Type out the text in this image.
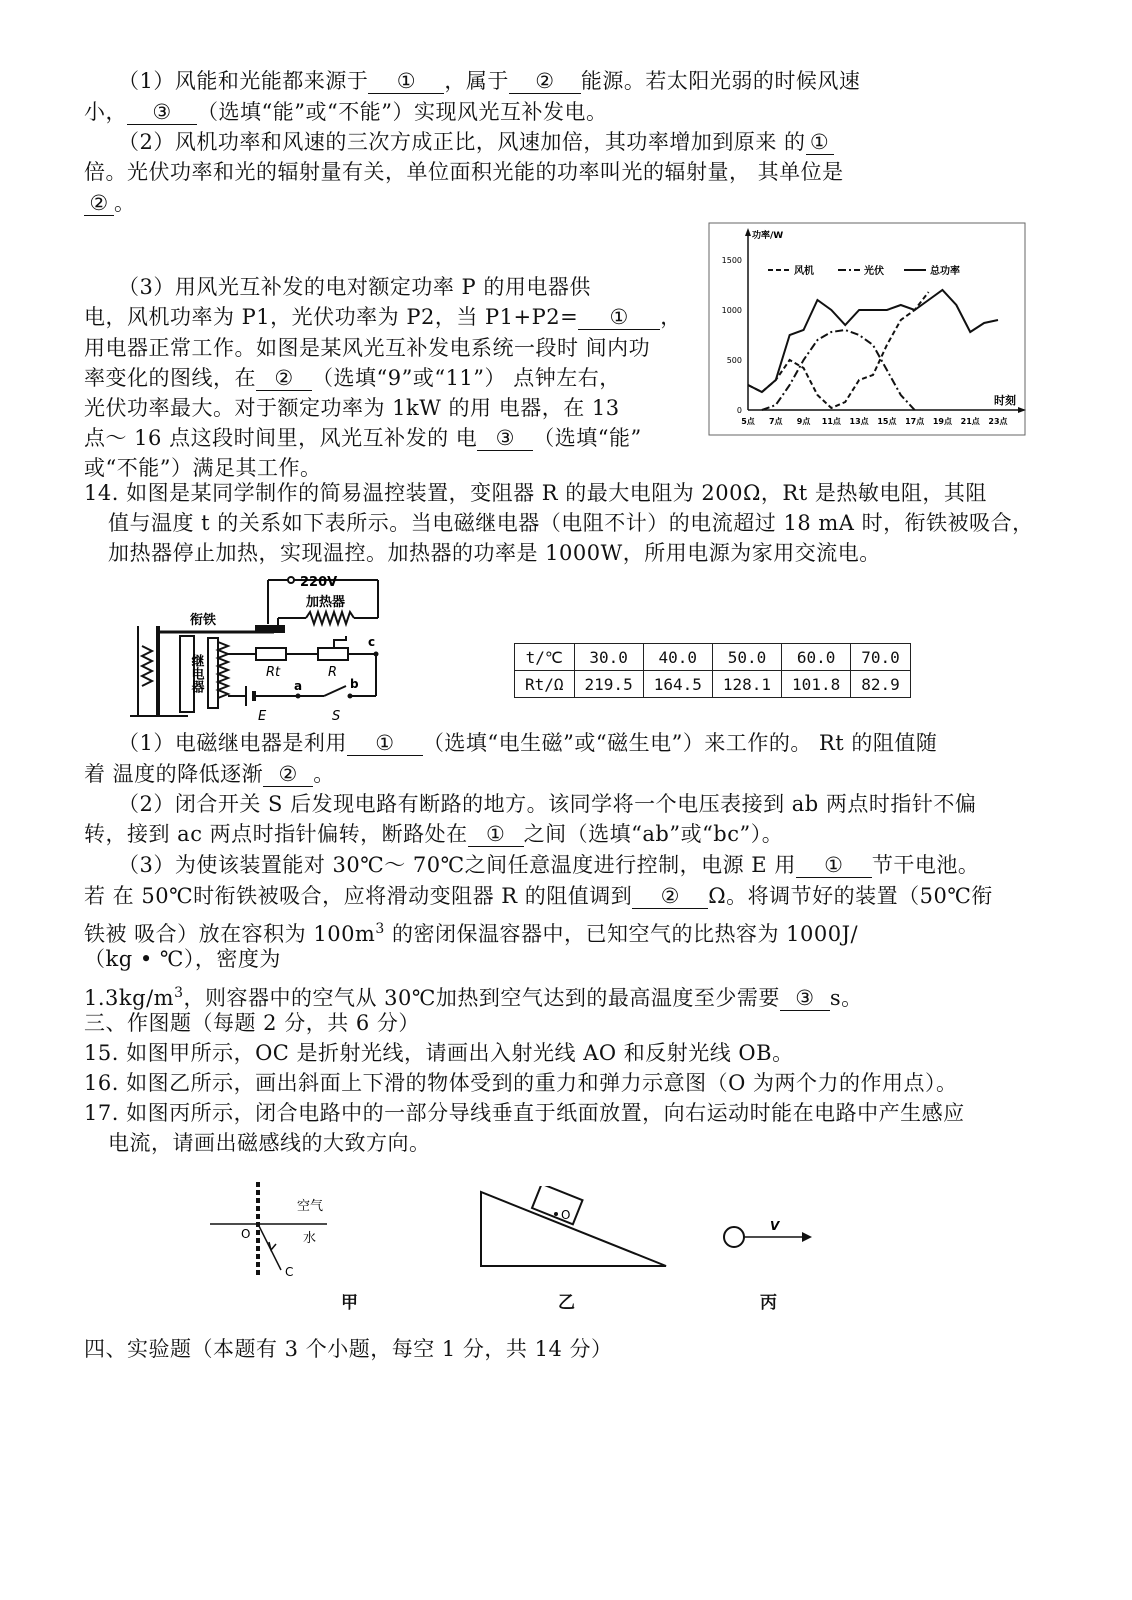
（1）风能和光能都来源于 ① ，属于 ② 能源。若太阳光弱的时候风速
小， ③ （选填“能”或“不能”）实现风光互补发电。
（2）风机功率和风速的三次方成正比，风速加倍，其功率增加到原来 的 ①
倍。光伏功率和光的辐射量有关，单位面积光能的功率叫光的辐射量， 其单位是
② 。
（3）用风光互补发的电对额定功率 P 的用电器供
电，风机功率为 P1，光伏功率为 P2，当 P1+P2= ① ，
用电器正常工作。如图是某风光互补发电系统一段时 间内功
率变化的图线，在 ② （选填“9”或“11”） 点钟左右，
光伏功率最大。对于额定功率为 1kW 的用 电器，在 13
点～ 16 点这段时间里，风光互补发的 电 ③ （选填“能”
或“不能”）满足其工作。
功率/W
时刻
0
500
1000
1500
5点 7点 9点 11点 13点 15点 17点 19点 21点 23点
风机	光伏	总功率
14. 如图是某同学制作的简易温控装置，变阻器 R 的最大电阻为 200Ω，Rt 是热敏电阻，其阻
值与温度 t 的关系如下表所示。当电磁继电器（电阻不计）的电流超过 18 mA 时，衔铁被吸合，
加热器停止加热，实现温控。加热器的功率是 1000W，所用电源为家用交流电。
220V
加热器
衔铁
继电器	Rt	R
c
a	b
E	S
t/℃	30.0	40.0	50.0	60.0	70.0
Rt/Ω	219.5	164.5	128.1	101.8	82.9
（1）电磁继电器是利用 ① （选填“电生磁”或“磁生电”）来工作的。 Rt 的阻值随
着 温度的降低逐渐 ② 。
（2）闭合开关 S 后发现电路有断路的地方。该同学将一个电压表接到 ab 两点时指针不偏
转，接到 ac 两点时指针偏转，断路处在 ① 之间（选填“ab”或“bc”）。
（3）为使该装置能对 30℃～ 70℃之间任意温度进行控制，电源 E 用 ① 节干电池。
若 在 50℃时衔铁被吸合，应将滑动变阻器 R 的阻值调到 ② Ω。将调节好的装置（50℃衔
铁被 吸合）放在容积为 $100m^3$ 的密闭保温容器中，已知空气的比热容为 1000J/
（kg • ℃），密度为
$1.3kg/m^3$，则容器中的空气从 30℃加热到空气达到的最高温度至少需要 ③ s。
三、作图题（每题 2 分，共 6 分）
15. 如图甲所示，OC 是折射光线，请画出入射光线 AO 和反射光线 OB。
16. 如图乙所示，画出斜面上下滑的物体受到的重力和弹力示意图（O 为两个力的作用点）。
17. 如图丙所示，闭合电路中的一部分导线垂直于纸面放置，向右运动时能在电路中产生感应
电流，请画出磁感线的大致方向。
空气
水
O
C
甲
O
乙
V
丙
四、实验题（本题有 3 个小题，每空 1 分，共 14 分）
